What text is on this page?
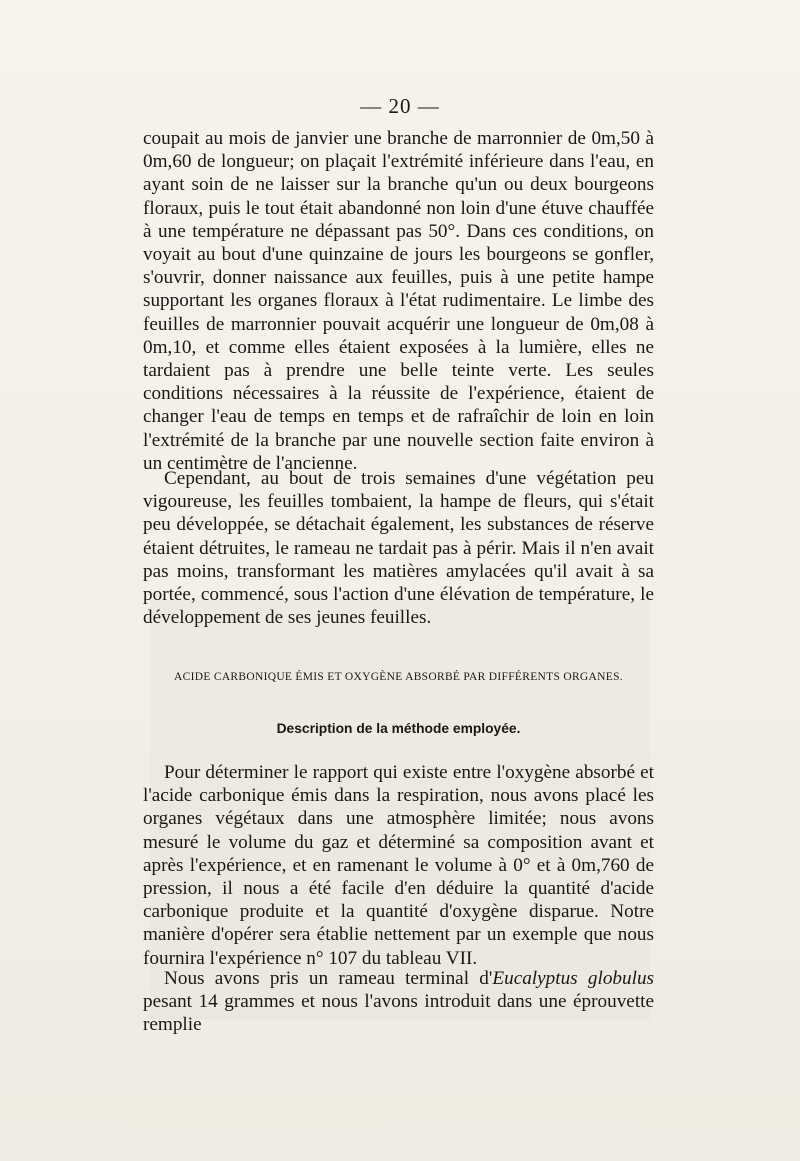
— 20 —

coupait au mois de janvier une branche de marronnier de 0m,50 à 0m,60 de longueur; on plaçait l'extrémité inférieure dans l'eau, en ayant soin de ne laisser sur la branche qu'un ou deux bourgeons floraux, puis le tout était abandonné non loin d'une étuve chauffée à une température ne dépassant pas 50°. Dans ces conditions, on voyait au bout d'une quinzaine de jours les bourgeons se gonfler, s'ouvrir, donner naissance aux feuilles, puis à une petite hampe supportant les organes floraux à l'état rudimentaire. Le limbe des feuilles de marronnier pouvait acquérir une longueur de 0m,08 à 0m,10, et comme elles étaient exposées à la lumière, elles ne tardaient pas à prendre une belle teinte verte. Les seules conditions nécessaires à la réussite de l'expérience, étaient de changer l'eau de temps en temps et de rafraîchir de loin en loin l'extrémité de la branche par une nouvelle section faite environ à un centimètre de l'ancienne.

Cependant, au bout de trois semaines d'une végétation peu vigoureuse, les feuilles tombaient, la hampe de fleurs, qui s'était peu développée, se détachait également, les substances de réserve étaient détruites, le rameau ne tardait pas à périr. Mais il n'en avait pas moins, transformant les matières amylacées qu'il avait à sa portée, commencé, sous l'action d'une élévation de température, le développement de ses jeunes feuilles.

ACIDE CARBONIQUE ÉMIS ET OXYGÈNE ABSORBÉ PAR DIFFÉRENTS ORGANES.
Description de la méthode employée.

Pour déterminer le rapport qui existe entre l'oxygène absorbé et l'acide carbonique émis dans la respiration, nous avons placé les organes végétaux dans une atmosphère limitée; nous avons mesuré le volume du gaz et déterminé sa composition avant et après l'expérience, et en ramenant le volume à 0° et à 0m,760 de pression, il nous a été facile d'en déduire la quantité d'acide carbonique produite et la quantité d'oxygène disparue. Notre manière d'opérer sera établie nettement par un exemple que nous fournira l'expérience n° 107 du tableau VII.

Nous avons pris un rameau terminal d'Eucalyptus globulus pesant 14 grammes et nous l'avons introduit dans une éprouvette remplie
